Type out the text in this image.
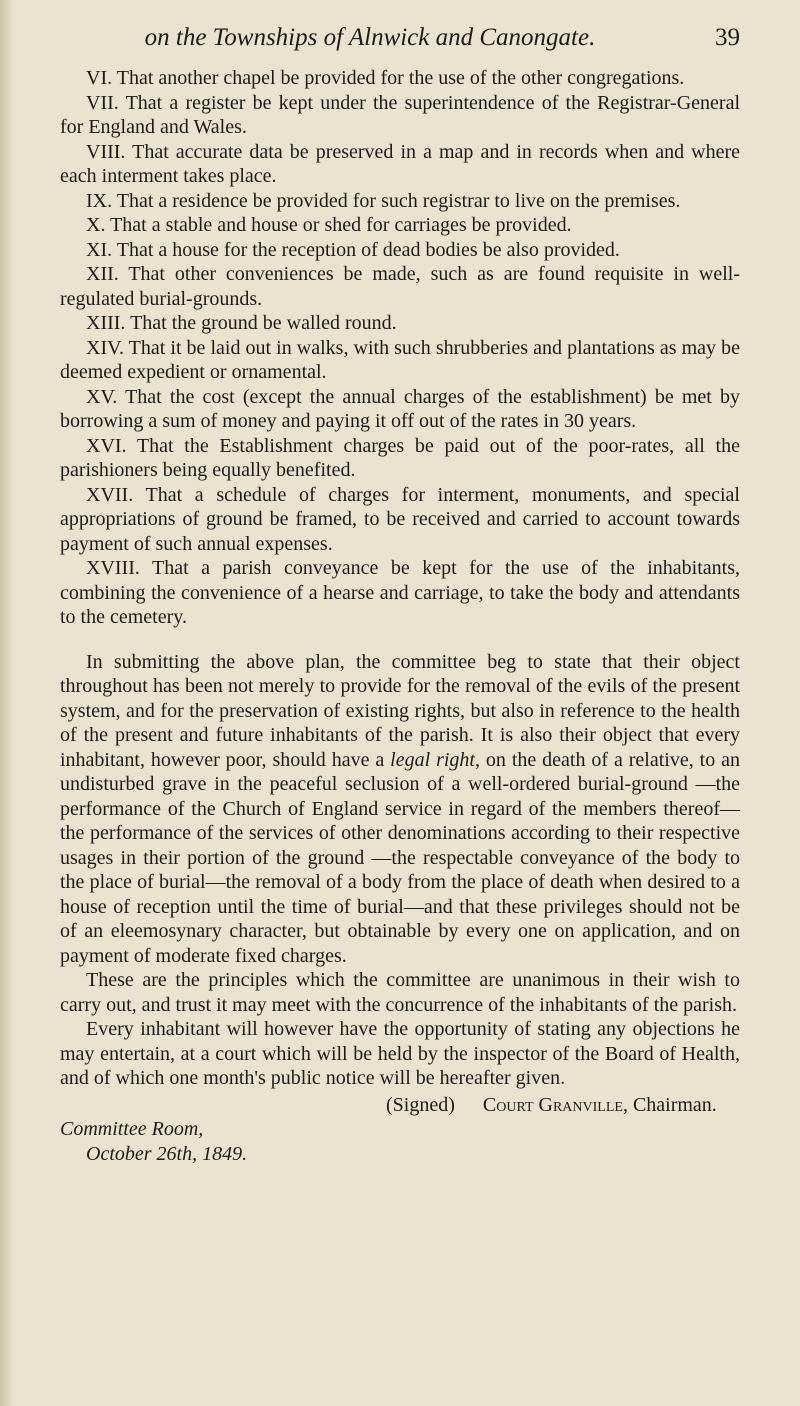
on the Townships of Alnwick and Canongate.	39

VI. That another chapel be provided for the use of the other congregations.

VII. That a register be kept under the superintendence of the Registrar-General for England and Wales.

VIII. That accurate data be preserved in a map and in records when and where each interment takes place.

IX. That a residence be provided for such registrar to live on the premises.

X. That a stable and house or shed for carriages be provided.

XI. That a house for the reception of dead bodies be also provided.

XII. That other conveniences be made, such as are found requisite in well-regulated burial-grounds.

XIII. That the ground be walled round.

XIV. That it be laid out in walks, with such shrubberies and plantations as may be deemed expedient or ornamental.

XV. That the cost (except the annual charges of the establishment) be met by borrowing a sum of money and paying it off out of the rates in 30 years.

XVI. That the Establishment charges be paid out of the poor-rates, all the parishioners being equally benefited.

XVII. That a schedule of charges for interment, monuments, and special appropriations of ground be framed, to be received and carried to account towards payment of such annual expenses.

XVIII. That a parish conveyance be kept for the use of the inhabitants, combining the convenience of a hearse and carriage, to take the body and attendants to the cemetery.

In submitting the above plan, the committee beg to state that their object throughout has been not merely to provide for the removal of the evils of the present system, and for the preservation of existing rights, but also in reference to the health of the present and future inhabitants of the parish. It is also their object that every inhabitant, however poor, should have a legal right, on the death of a relative, to an undisturbed grave in the peaceful seclusion of a well-ordered burial-ground —the performance of the Church of England service in regard of the members thereof—the performance of the services of other denominations according to their respective usages in their portion of the ground —the respectable conveyance of the body to the place of burial—the removal of a body from the place of death when desired to a house of reception until the time of burial—and that these privileges should not be of an eleemosynary character, but obtainable by every one on application, and on payment of moderate fixed charges.

These are the principles which the committee are unanimous in their wish to carry out, and trust it may meet with the concurrence of the inhabitants of the parish.

Every inhabitant will however have the opportunity of stating any objections he may entertain, at a court which will be held by the inspector of the Board of Health, and of which one month's public notice will be hereafter given.

(Signed) Court Granville, Chairman.
Committee Room,
October 26th, 1849.
